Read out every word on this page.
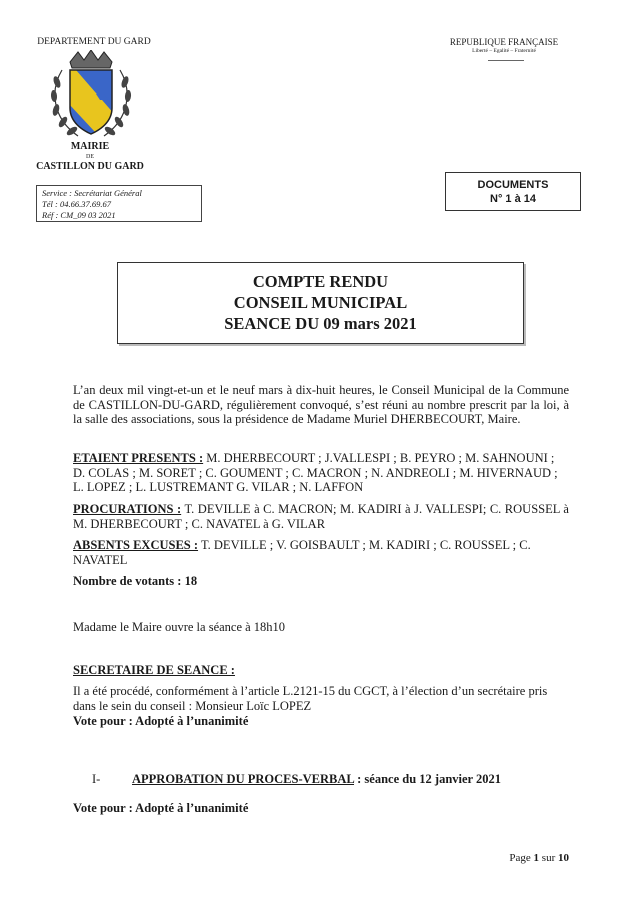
DEPARTEMENT DU GARD
MAIRIE
DE
CASTILLON DU GARD
REPUBLIQUE FRANÇAISE
Liberté – Egalité – Fraternité
Service : Secrétariat Général
Tél : 04.66.37.69.67
Réf : CM_09 03 2021
DOCUMENTS
N° 1 à 14
COMPTE RENDU
CONSEIL MUNICIPAL
SEANCE DU 09 mars 2021
L’an deux mil vingt-et-un et le neuf mars à dix-huit heures, le Conseil Municipal de la Commune de CASTILLON-DU-GARD, régulièrement convoqué, s’est réuni au nombre prescrit par la loi, à la salle des associations, sous la présidence de Madame Muriel DHERBECOURT, Maire.
ETAIENT PRESENTS : M. DHERBECOURT ; J.VALLESPI ; B. PEYRO ; M. SAHNOUNI ; D. COLAS ; M. SORET ; C. GOUMENT ; C. MACRON ; N. ANDREOLI ; M. HIVERNAUD ; L. LOPEZ ; L. LUSTREMANT G. VILAR ; N. LAFFON
PROCURATIONS : T. DEVILLE à C. MACRON; M. KADIRI à J. VALLESPI; C. ROUSSEL à M. DHERBECOURT ; C. NAVATEL à G. VILAR
ABSENTS EXCUSES : T. DEVILLE ; V. GOISBAULT ; M. KADIRI ; C. ROUSSEL ; C. NAVATEL
Nombre de votants : 18
Madame le Maire ouvre la séance à 18h10
SECRETAIRE DE SEANCE :
Il a été procédé, conformément à l’article L.2121-15 du CGCT, à l’élection d’un secrétaire pris dans le sein du conseil : Monsieur Loïc LOPEZ
Vote pour : Adopté à l’unanimité
I-	APPROBATION DU PROCES-VERBAL : séance du 12 janvier 2021
Vote pour : Adopté à l’unanimité
Page 1 sur 10
